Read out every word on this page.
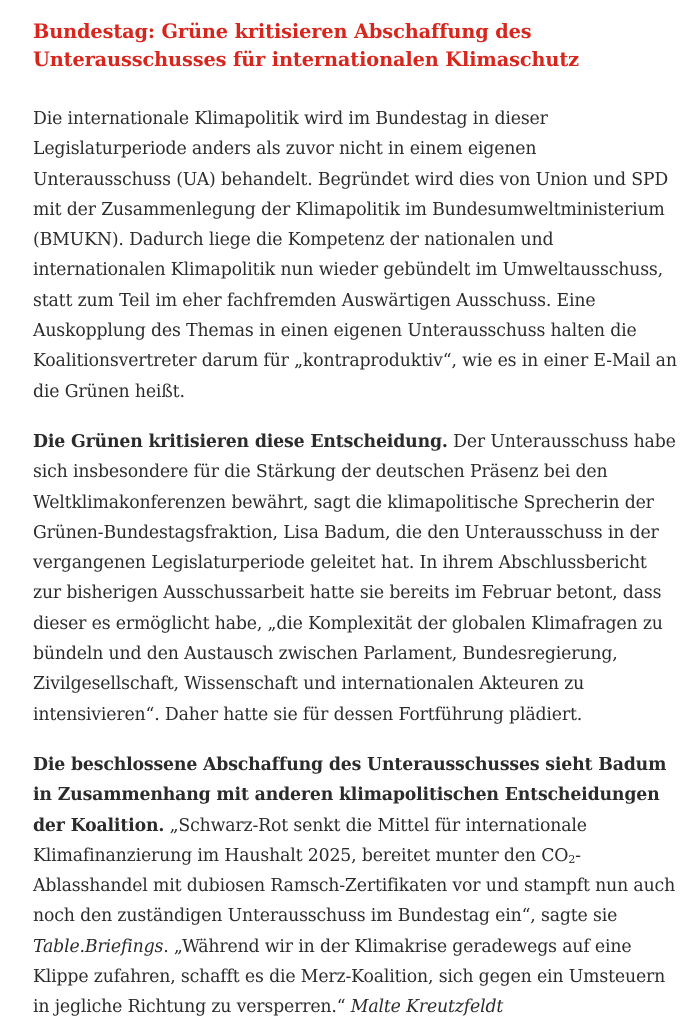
Bundestag: Grüne kritisieren Abschaffung des Unterausschusses für internationalen Klimaschutz

Die internationale Klimapolitik wird im Bundestag in dieser Legislaturperiode anders als zuvor nicht in einem eigenen Unterausschuss (UA) behandelt. Begründet wird dies von Union und SPD mit der Zusammenlegung der Klimapolitik im Bundesumweltministerium (BMUKN). Dadurch liege die Kompetenz der nationalen und internationalen Klimapolitik nun wieder gebündelt im Umweltausschuss, statt zum Teil im eher fachfremden Auswärtigen Ausschuss. Eine Auskopplung des Themas in einen eigenen Unterausschuss halten die Koalitionsvertreter darum für „kontraproduktiv“, wie es in einer E-Mail an die Grünen heißt.

Die Grünen kritisieren diese Entscheidung. Der Unterausschuss habe sich insbesondere für die Stärkung der deutschen Präsenz bei den Weltklimakonferenzen bewährt, sagt die klimapolitische Sprecherin der Grünen-Bundestagsfraktion, Lisa Badum, die den Unterausschuss in der vergangenen Legislaturperiode geleitet hat. In ihrem Abschlussbericht zur bisherigen Ausschussarbeit hatte sie bereits im Februar betont, dass dieser es ermöglicht habe, „die Komplexität der globalen Klimafragen zu bündeln und den Austausch zwischen Parlament, Bundesregierung, Zivilgesellschaft, Wissenschaft und internationalen Akteuren zu intensivieren“. Daher hatte sie für dessen Fortführung plädiert.

Die beschlossene Abschaffung des Unterausschusses sieht Badum in Zusammenhang mit anderen klimapolitischen Entscheidungen der Koalition. „Schwarz-Rot senkt die Mittel für internationale Klimafinanzierung im Haushalt 2025, bereitet munter den $CO_2$-Ablasshandel mit dubiosen Ramsch-Zertifikaten vor und stampft nun auch noch den zuständigen Unterausschuss im Bundestag ein“, sagte sie Table.Briefings. „Während wir in der Klimakrise geradewegs auf eine Klippe zufahren, schafft es die Merz-Koalition, sich gegen ein Umsteuern in jegliche Richtung zu versperren.“ Malte Kreutzfeldt
